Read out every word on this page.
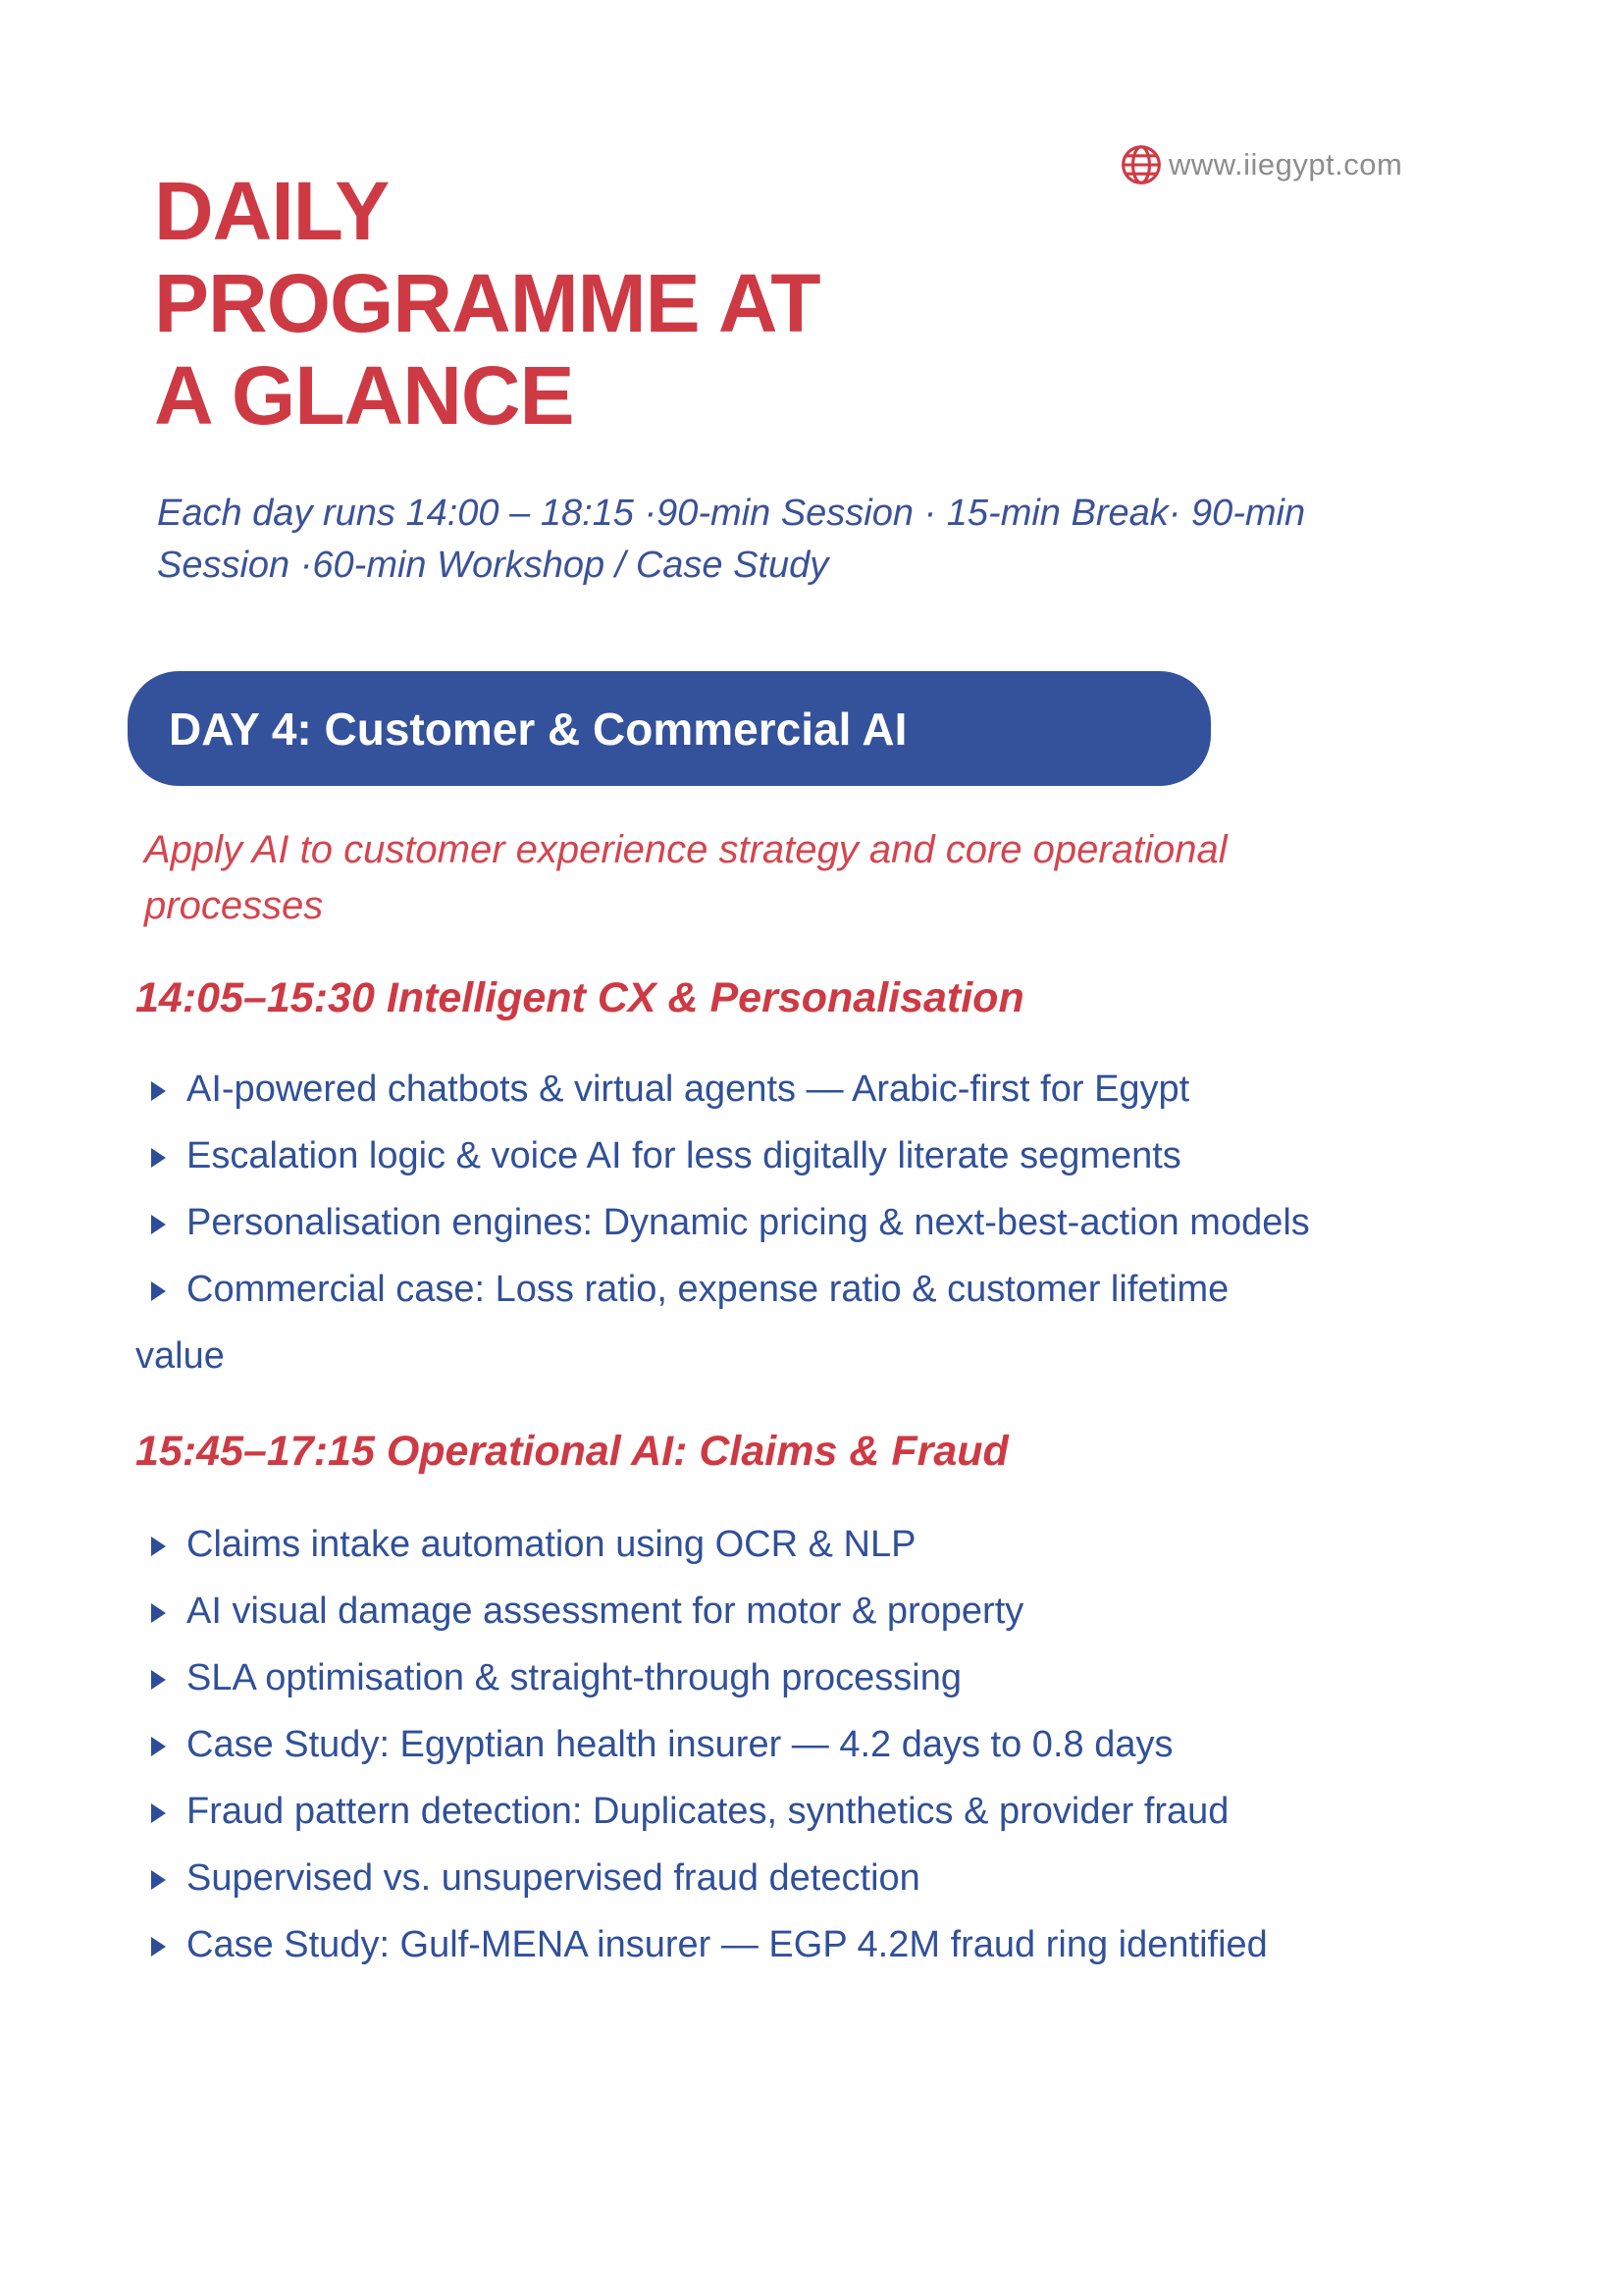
www.iiegypt.com
DAILY
PROGRAMME AT
A GLANCE
Each day runs 14:00 – 18:15 ·90-min Session · 15-min Break· 90-min
Session ·60-min Workshop / Case Study
DAY 4: Customer & Commercial AI
Apply AI to customer experience strategy and core operational
processes
14:05–15:30 Intelligent CX & Personalisation
AI-powered chatbots & virtual agents — Arabic-first for Egypt
Escalation logic & voice AI for less digitally literate segments
Personalisation engines: Dynamic pricing & next-best-action models
Commercial case: Loss ratio, expense ratio & customer lifetime value
15:45–17:15 Operational AI: Claims & Fraud
Claims intake automation using OCR & NLP
AI visual damage assessment for motor & property
SLA optimisation & straight-through processing
Case Study: Egyptian health insurer — 4.2 days to 0.8 days
Fraud pattern detection: Duplicates, synthetics & provider fraud
Supervised vs. unsupervised fraud detection
Case Study: Gulf-MENA insurer — EGP 4.2M fraud ring identified
